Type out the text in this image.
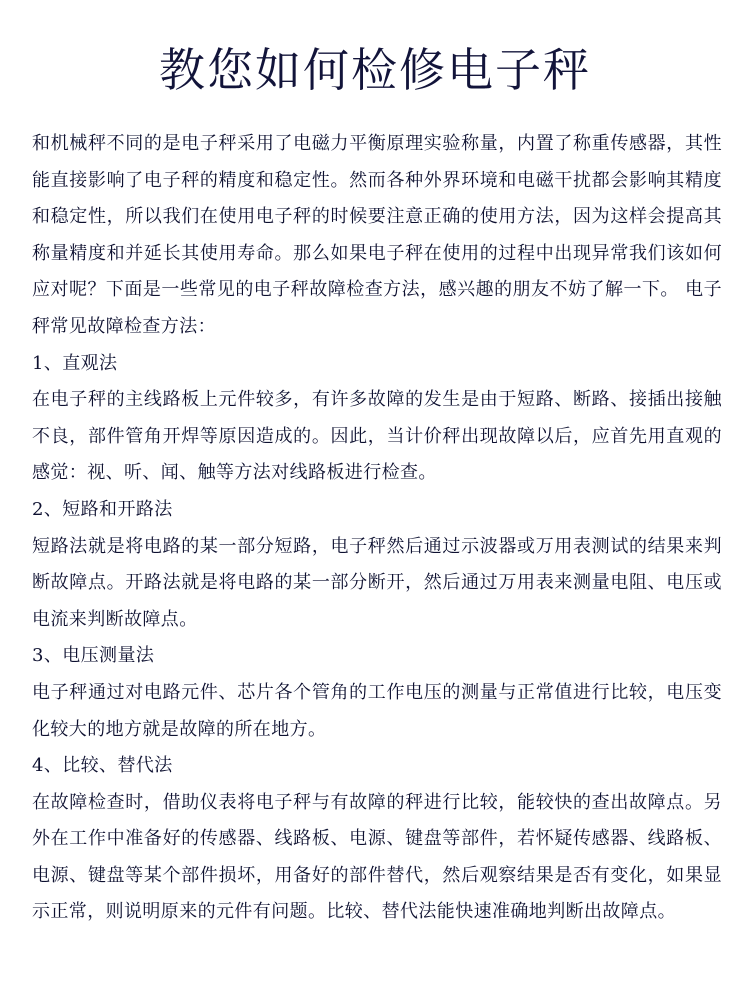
教您如何检修电子秤

和机械秤不同的是电子秤采用了电磁力平衡原理实验称量，内置了称重传感器，其性能直接影响了电子秤的精度和稳定性。然而各种外界环境和电磁干扰都会影响其精度和稳定性，所以我们在使用电子秤的时候要注意正确的使用方法，因为这样会提高其称量精度和并延长其使用寿命。那么如果电子秤在使用的过程中出现异常我们该如何应对呢？下面是一些常见的电子秤故障检查方法，感兴趣的朋友不妨了解一下。 电子秤常见故障检查方法：

1、直观法

在电子秤的主线路板上元件较多，有许多故障的发生是由于短路、断路、接插出接触不良，部件管角开焊等原因造成的。因此，当计价秤出现故障以后，应首先用直观的感觉：视、听、闻、触等方法对线路板进行检查。

2、短路和开路法

短路法就是将电路的某一部分短路，电子秤然后通过示波器或万用表测试的结果来判断故障点。开路法就是将电路的某一部分断开，然后通过万用表来测量电阻、电压或电流来判断故障点。

3、电压测量法

电子秤通过对电路元件、芯片各个管角的工作电压的测量与正常值进行比较，电压变化较大的地方就是故障的所在地方。

4、比较、替代法

在故障检查时，借助仪表将电子秤与有故障的秤进行比较，能较快的查出故障点。另外在工作中准备好的传感器、线路板、电源、键盘等部件，若怀疑传感器、线路板、电源、键盘等某个部件损坏，用备好的部件替代，然后观察结果是否有变化，如果显示正常，则说明原来的元件有问题。比较、替代法能快速准确地判断出故障点。
